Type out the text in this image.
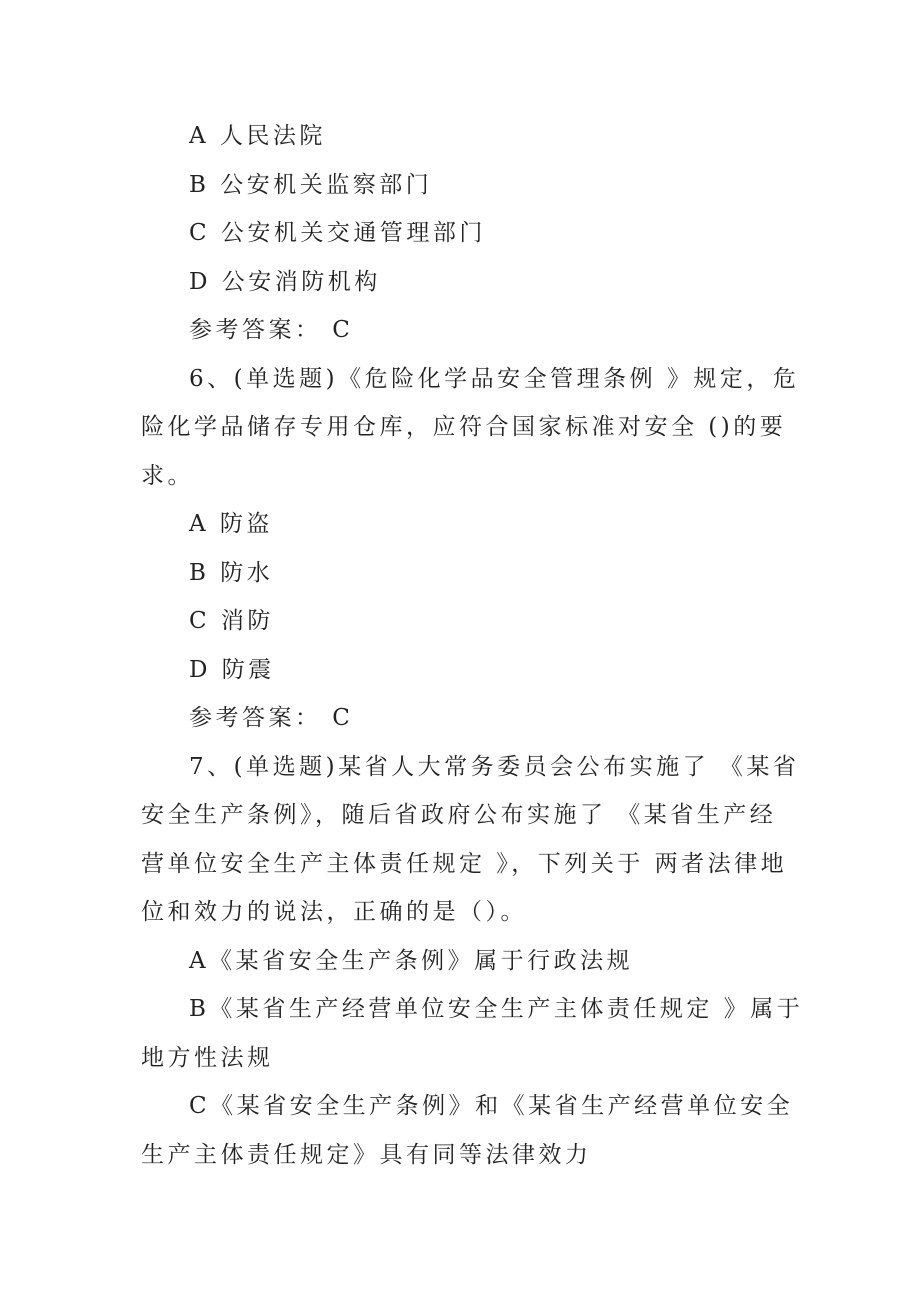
A 人民法院
B 公安机关监察部门
C 公安机关交通管理部门
D 公安消防机构
参考答案： C
6、(单选题)《危险化学品安全管理条例 》规定，危
险化学品储存专用仓库，应符合国家标准对安全 ()的要
求。
A 防盗
B 防水
C 消防
D 防震
参考答案： C
7、(单选题)某省人大常务委员会公布实施了 《某省
安全生产条例》，随后省政府公布实施了 《某省生产经
营单位安全生产主体责任规定 》，下列关于 两者法律地
位和效力的说法，正确的是（）。
A《某省安全生产条例》属于行政法规
B《某省生产经营单位安全生产主体责任规定 》属于
地方性法规
C《某省安全生产条例》和《某省生产经营单位安全
生产主体责任规定》具有同等法律效力
